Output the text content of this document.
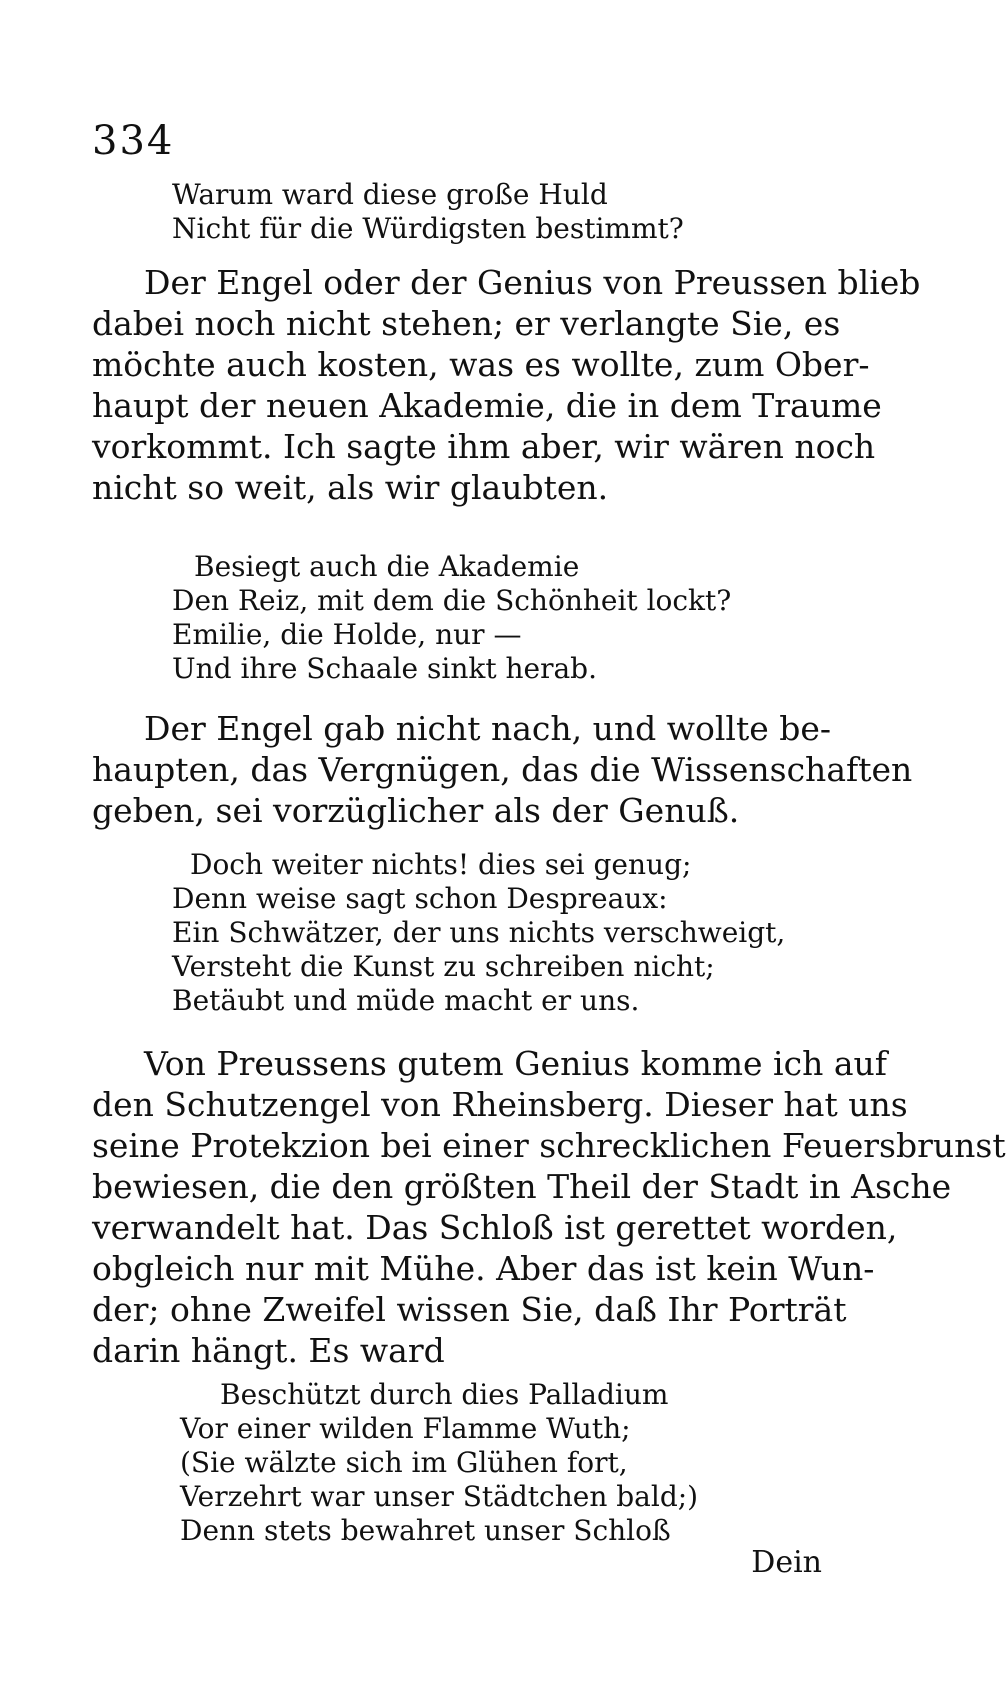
334
Warum ward diese große Huld
Nicht für die Würdigsten bestimmt?
Der Engel oder der Genius von Preussen blieb
dabei noch nicht stehen; er verlangte Sie, es
möchte auch kosten, was es wollte, zum Ober-
haupt der neuen Akademie, die in dem Traume
vorkommt. Ich sagte ihm aber, wir wären noch
nicht so weit, als wir glaubten.
Besiegt auch die Akademie
Den Reiz, mit dem die Schönheit lockt?
Emilie, die Holde, nur —
Und ihre Schaale sinkt herab.
Der Engel gab nicht nach, und wollte be-
haupten, das Vergnügen, das die Wissenschaften
geben, sei vorzüglicher als der Genuß.
Doch weiter nichts! dies sei genug;
Denn weise sagt schon Despreaux:
Ein Schwätzer, der uns nichts verschweigt,
Versteht die Kunst zu schreiben nicht;
Betäubt und müde macht er uns.
Von Preussens gutem Genius komme ich auf
den Schutzengel von Rheinsberg. Dieser hat uns
seine Protekzion bei einer schrecklichen Feuersbrunst
bewiesen, die den größten Theil der Stadt in Asche
verwandelt hat. Das Schloß ist gerettet worden,
obgleich nur mit Mühe. Aber das ist kein Wun-
der; ohne Zweifel wissen Sie, daß Ihr Porträt
darin hängt. Es ward
Beschützt durch dies Palladium
Vor einer wilden Flamme Wuth;
(Sie wälzte sich im Glühen fort,
Verzehrt war unser Städtchen bald;)
Denn stets bewahret unser Schloß
Dein
